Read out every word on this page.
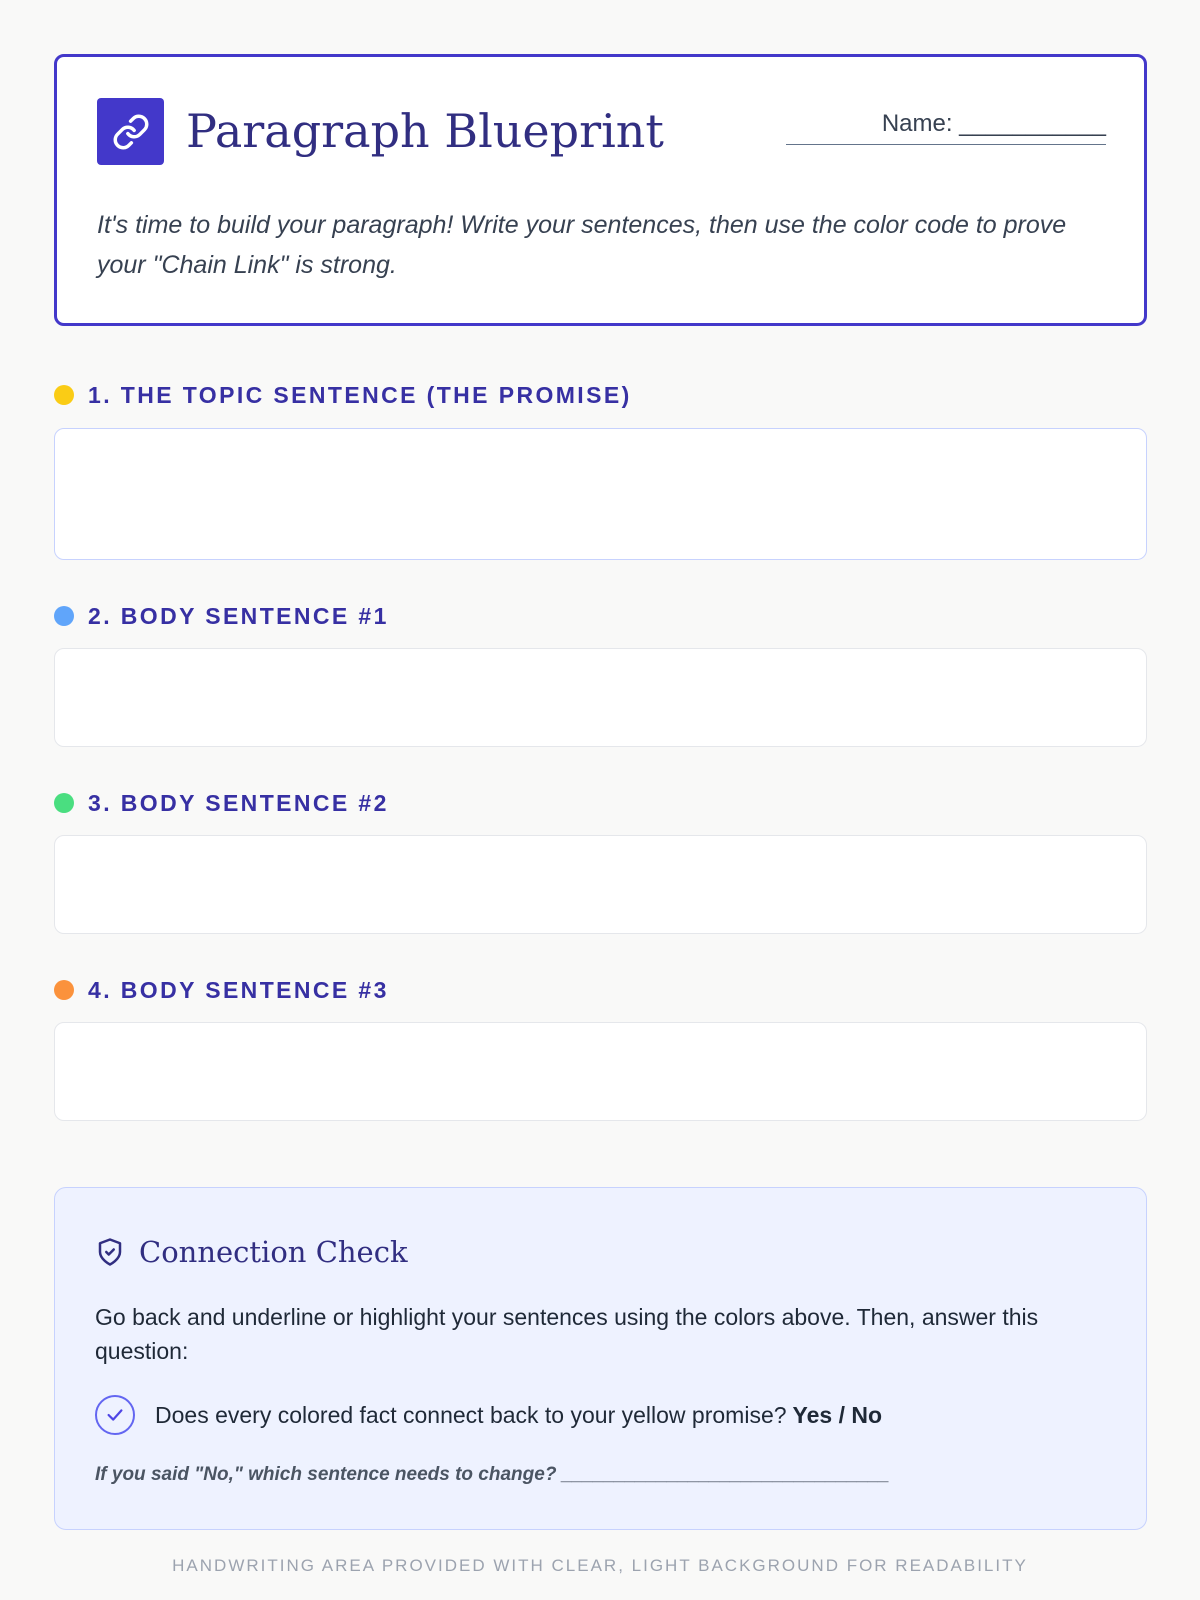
Paragraph Blueprint	Name: ___________
It's time to build your paragraph! Write your sentences, then use the color code to prove your "Chain Link" is strong.
1. THE TOPIC SENTENCE (THE PROMISE)
2. BODY SENTENCE #1
3. BODY SENTENCE #2
4. BODY SENTENCE #3
Connection Check
Go back and underline or highlight your sentences using the colors above. Then, answer this question:
Does every colored fact connect back to your yellow promise? Yes / No
If you said "No," which sentence needs to change? _______________________________
HANDWRITING AREA PROVIDED WITH CLEAR, LIGHT BACKGROUND FOR READABILITY
